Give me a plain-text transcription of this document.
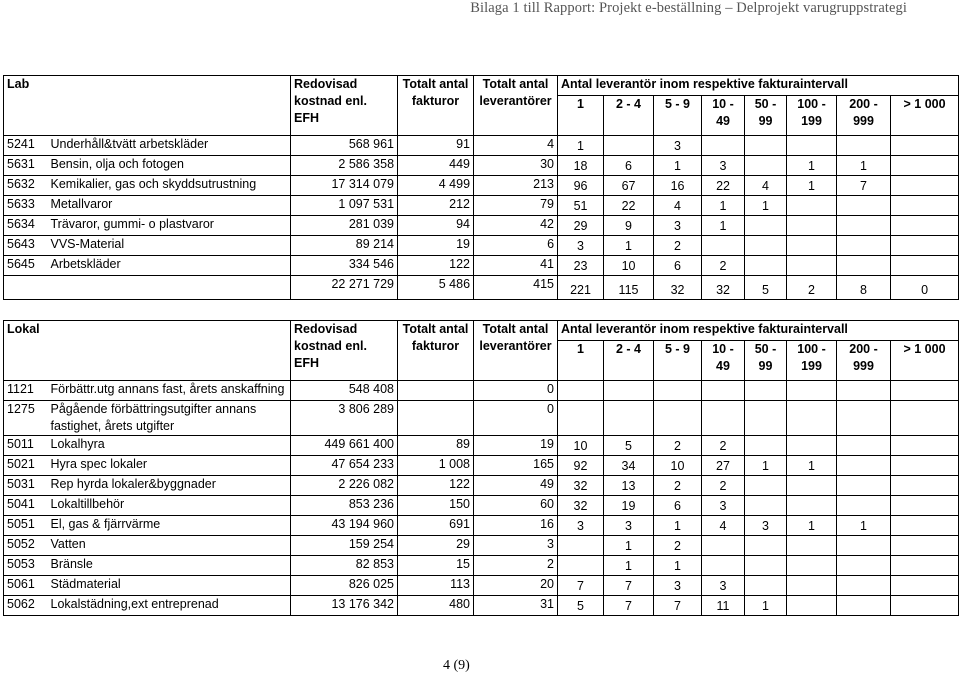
Bilaga 1 till Rapport: Projekt e-beställning – Delprojekt varugruppstrategi
Lab		Redovisad kostnad enl. EFH	Totalt antal fakturor	Totalt antal leverantörer	Antal leverantör inom respektive fakturaintervall							
					1	2 - 4	5 - 9	10 - 49	50 - 99	100 - 199	200 - 999	> 1 000
5241	Underhåll&tvätt arbetskläder	568 961	91	4	1		3					
5631	Bensin, olja och fotogen	2 586 358	449	30	18	6	1	3		1	1	
5632	Kemikalier, gas och skyddsutrustning	17 314 079	4 499	213	96	67	16	22	4	1	7	
5633	Metallvaror	1 097 531	212	79	51	22	4	1	1			
5634	Trävaror, gummi- o plastvaror	281 039	94	42	29	9	3	1				
5643	VVS-Material	89 214	19	6	3	1	2					
5645	Arbetskläder	334 546	122	41	23	10	6	2				
		22 271 729	5 486	415	221	115	32	32	5	2	8	0
Lokal		Redovisad kostnad enl. EFH	Totalt antal fakturor	Totalt antal leverantörer	Antal leverantör inom respektive fakturaintervall							
					1	2 - 4	5 - 9	10 - 49	50 - 99	100 - 199	200 - 999	> 1 000
1121	Förbättr.utg annans fast, årets anskaffning	548 408		0								
1275	Pågående förbättringsutgifter annans fastighet, årets utgifter	3 806 289		0								
5011	Lokalhyra	449 661 400	89	19	10	5	2	2				
5021	Hyra spec lokaler	47 654 233	1 008	165	92	34	10	27	1	1		
5031	Rep hyrda lokaler&byggnader	2 226 082	122	49	32	13	2	2				
5041	Lokaltillbehör	853 236	150	60	32	19	6	3				
5051	El, gas & fjärrvärme	43 194 960	691	16	3	3	1	4	3	1	1	
5052	Vatten	159 254	29	3		1	2					
5053	Bränsle	82 853	15	2		1	1					
5061	Städmaterial	826 025	113	20	7	7	3	3				
5062	Lokalstädning,ext entreprenad	13 176 342	480	31	5	7	7	11	1			
4 (9)
